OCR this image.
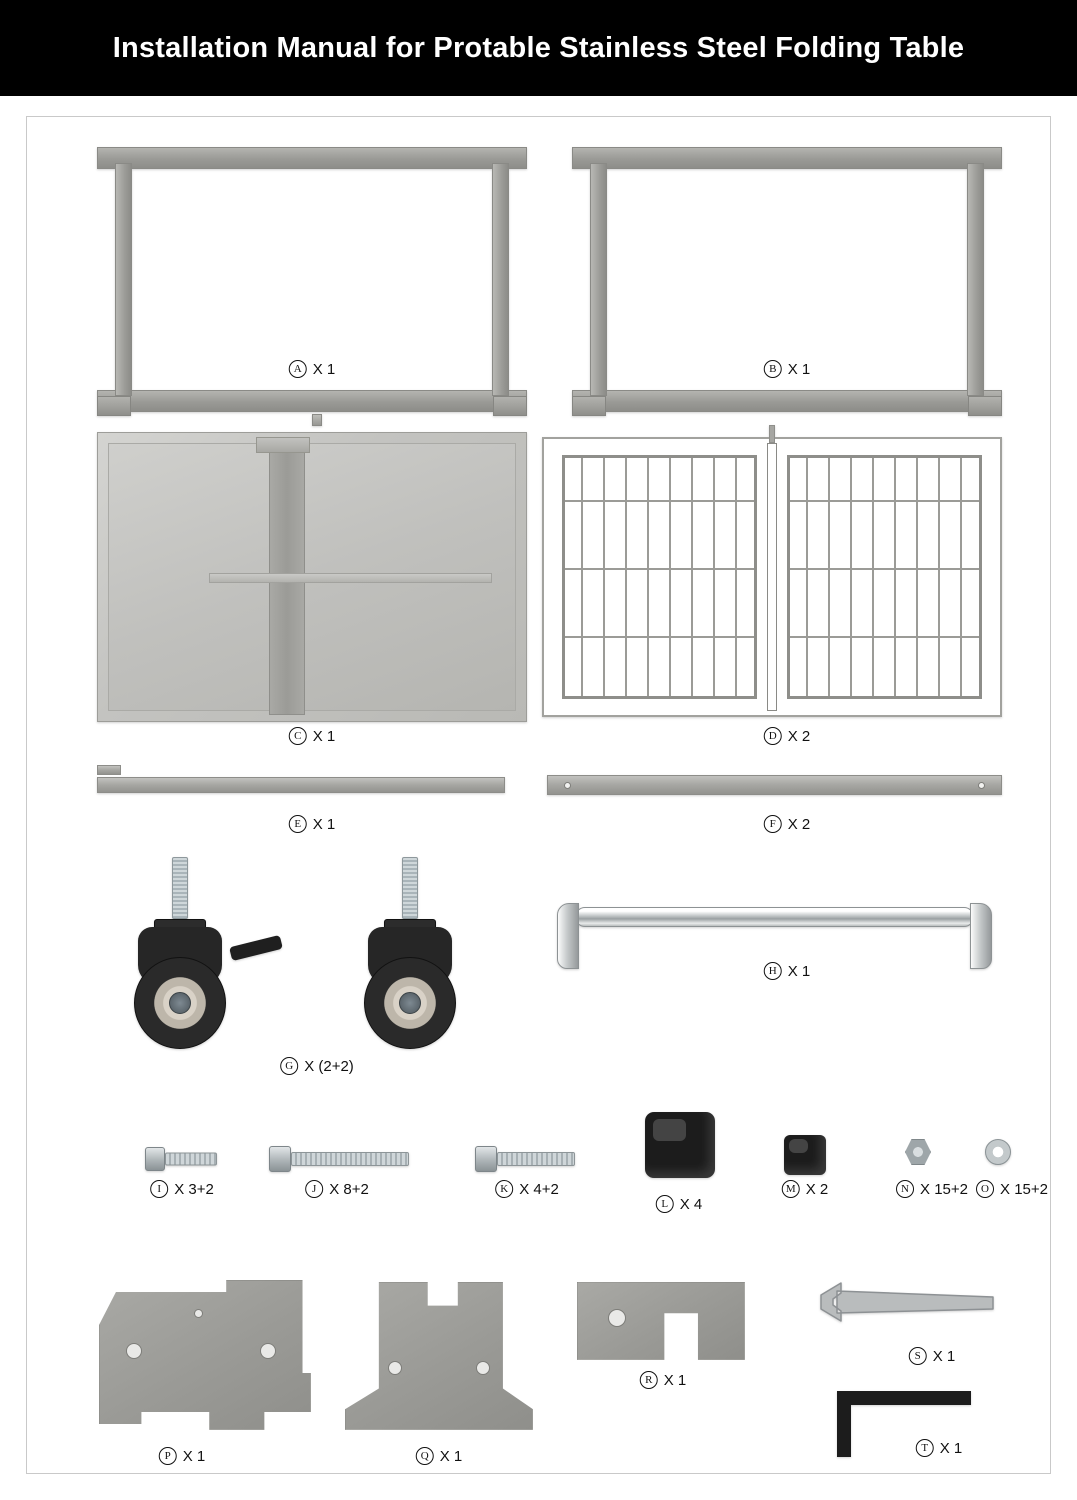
Installation Manual for Protable Stainless Steel Folding Table
A X 1	B X 1
C X 1	D X 2
E X 1	F X 2
G X (2+2)
H X 1
I X 3+2	J X 8+2	K X 4+2
L X 4
M X 2	N X 15+2	O X 15+2
P X 1	Q X 1
R X 1
S X 1
T X 1
